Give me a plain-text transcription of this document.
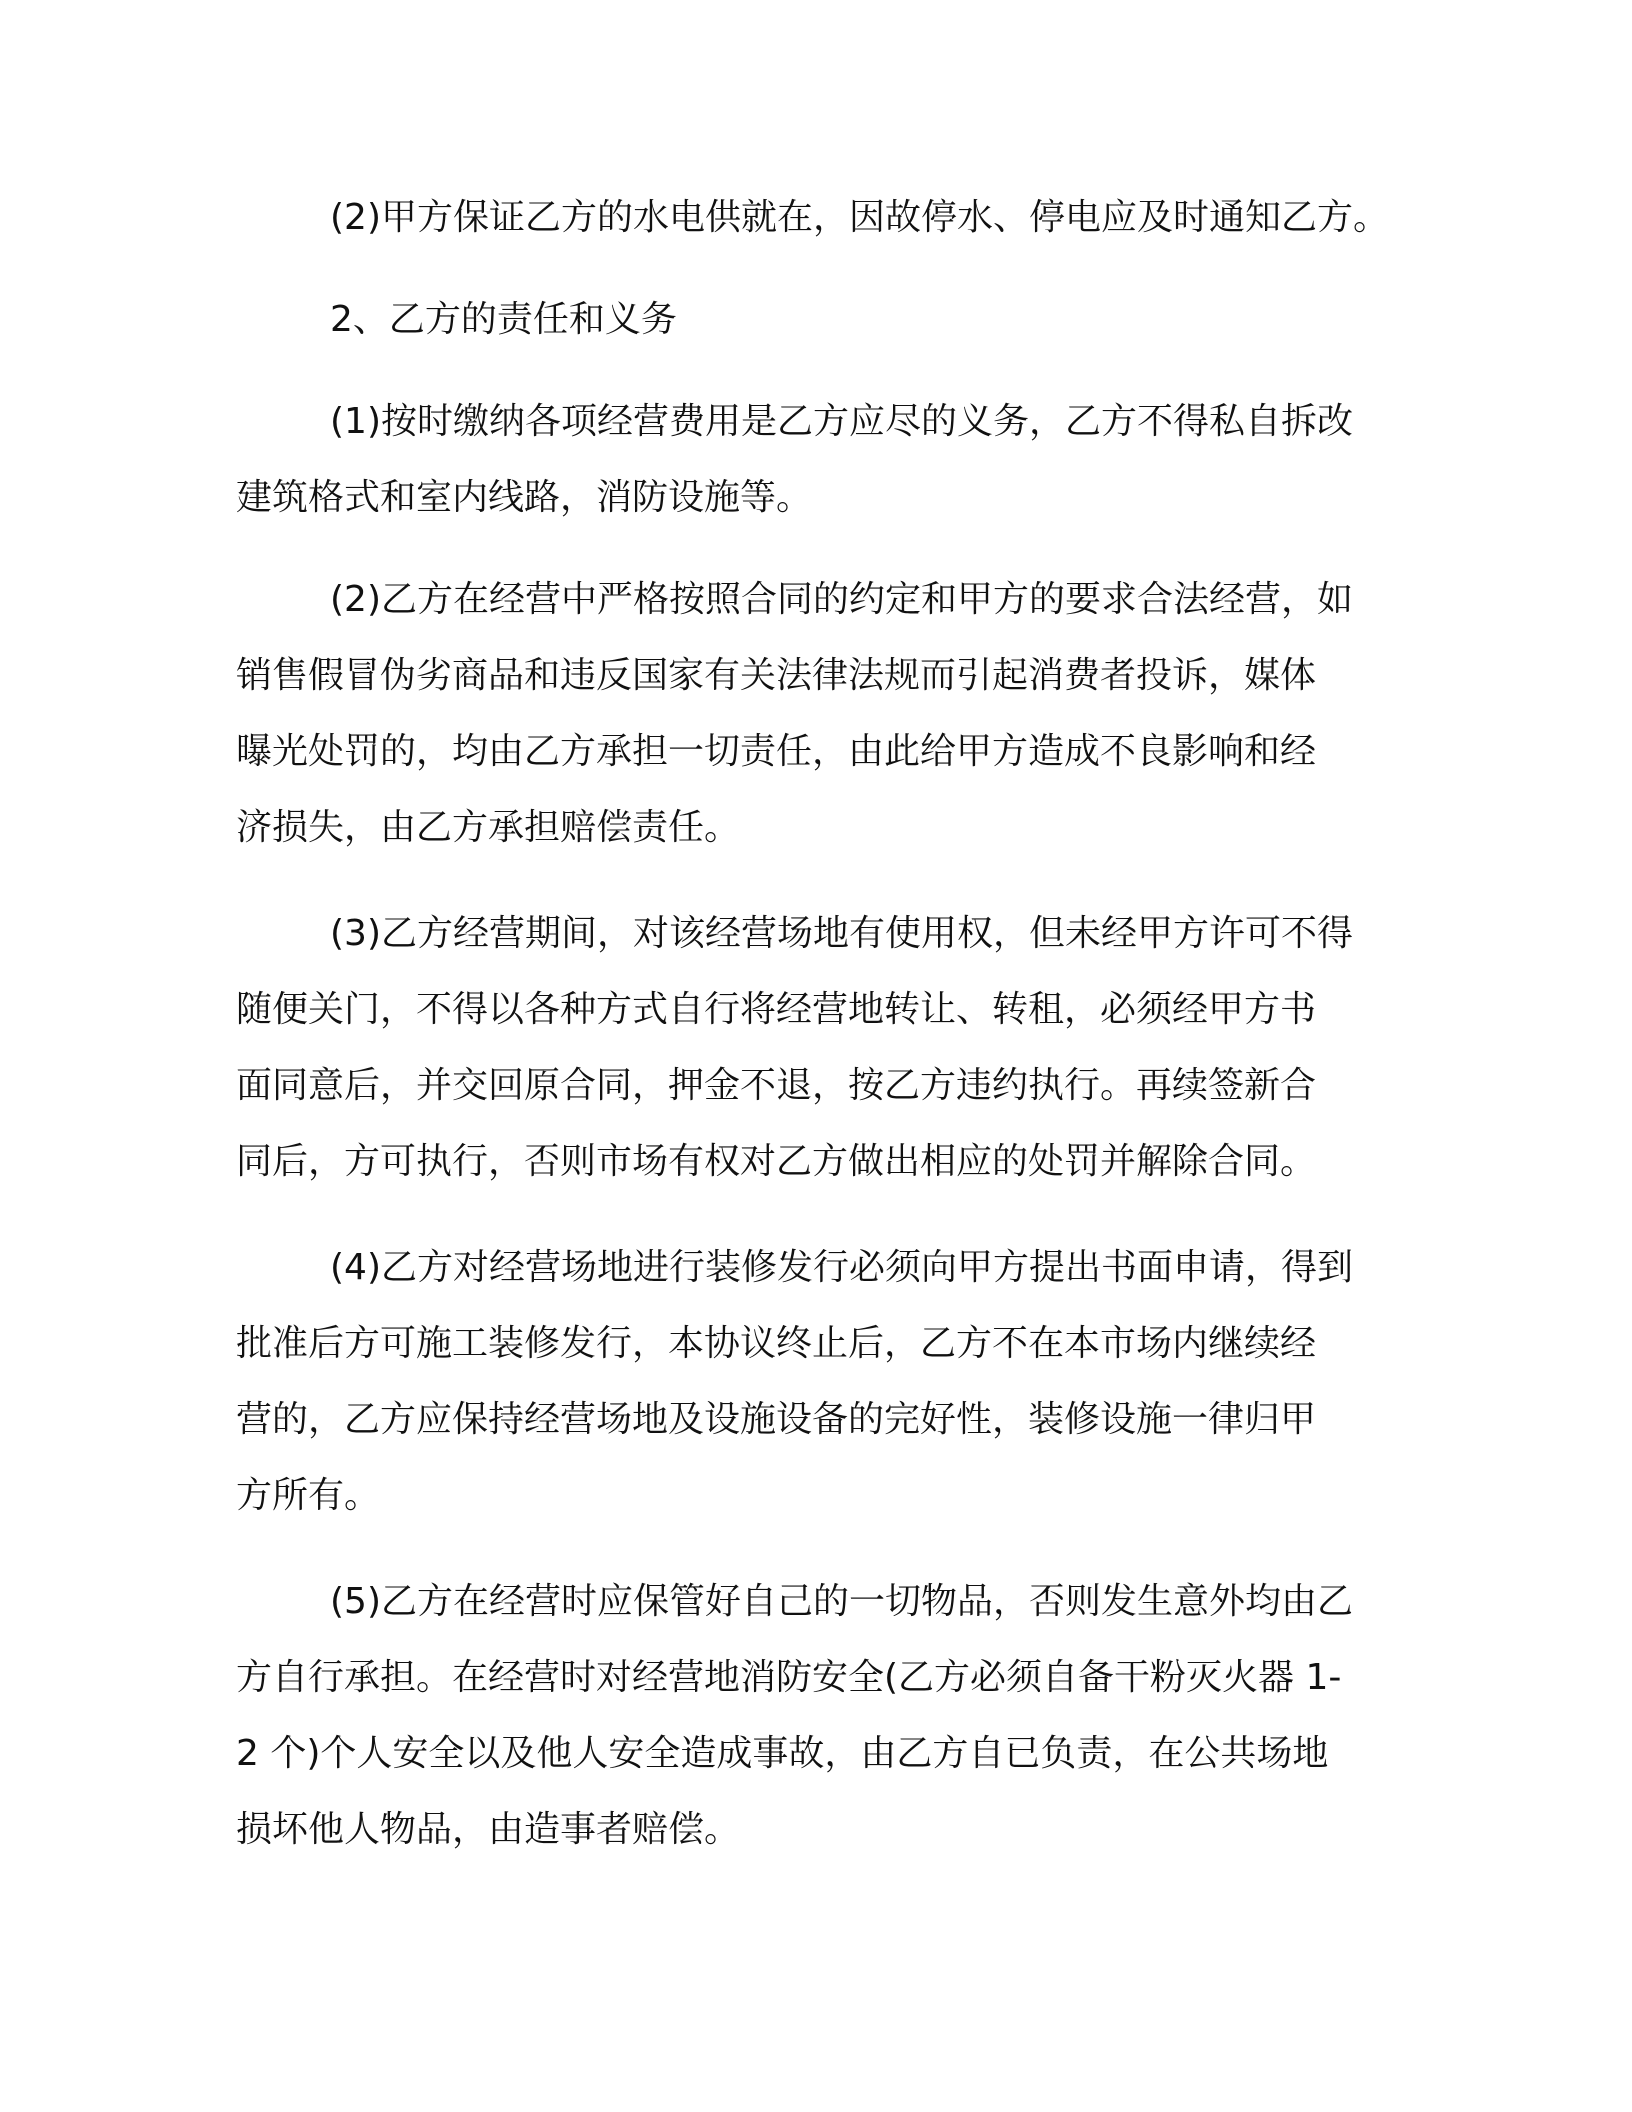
(2)甲方保证乙方的水电供就在，因故停水、停电应及时通知乙方。
2、乙方的责任和义务
(1)按时缴纳各项经营费用是乙方应尽的义务，乙方不得私自拆改
建筑格式和室内线路，消防设施等。
(2)乙方在经营中严格按照合同的约定和甲方的要求合法经营，如
销售假冒伪劣商品和违反国家有关法律法规而引起消费者投诉，媒体
曝光处罚的，均由乙方承担一切责任，由此给甲方造成不良影响和经
济损失，由乙方承担赔偿责任。
(3)乙方经营期间，对该经营场地有使用权，但未经甲方许可不得
随便关门，不得以各种方式自行将经营地转让、转租，必须经甲方书
面同意后，并交回原合同，押金不退，按乙方违约执行。再续签新合
同后，方可执行，否则市场有权对乙方做出相应的处罚并解除合同。
(4)乙方对经营场地进行装修发行必须向甲方提出书面申请，得到
批准后方可施工装修发行，本协议终止后，乙方不在本市场内继续经
营的，乙方应保持经营场地及设施设备的完好性，装修设施一律归甲
方所有。
(5)乙方在经营时应保管好自己的一切物品，否则发生意外均由乙
方自行承担。在经营时对经营地消防安全(乙方必须自备干粉灭火器 1-
2 个)个人安全以及他人安全造成事故，由乙方自已负责，在公共场地
损坏他人物品，由造事者赔偿。
